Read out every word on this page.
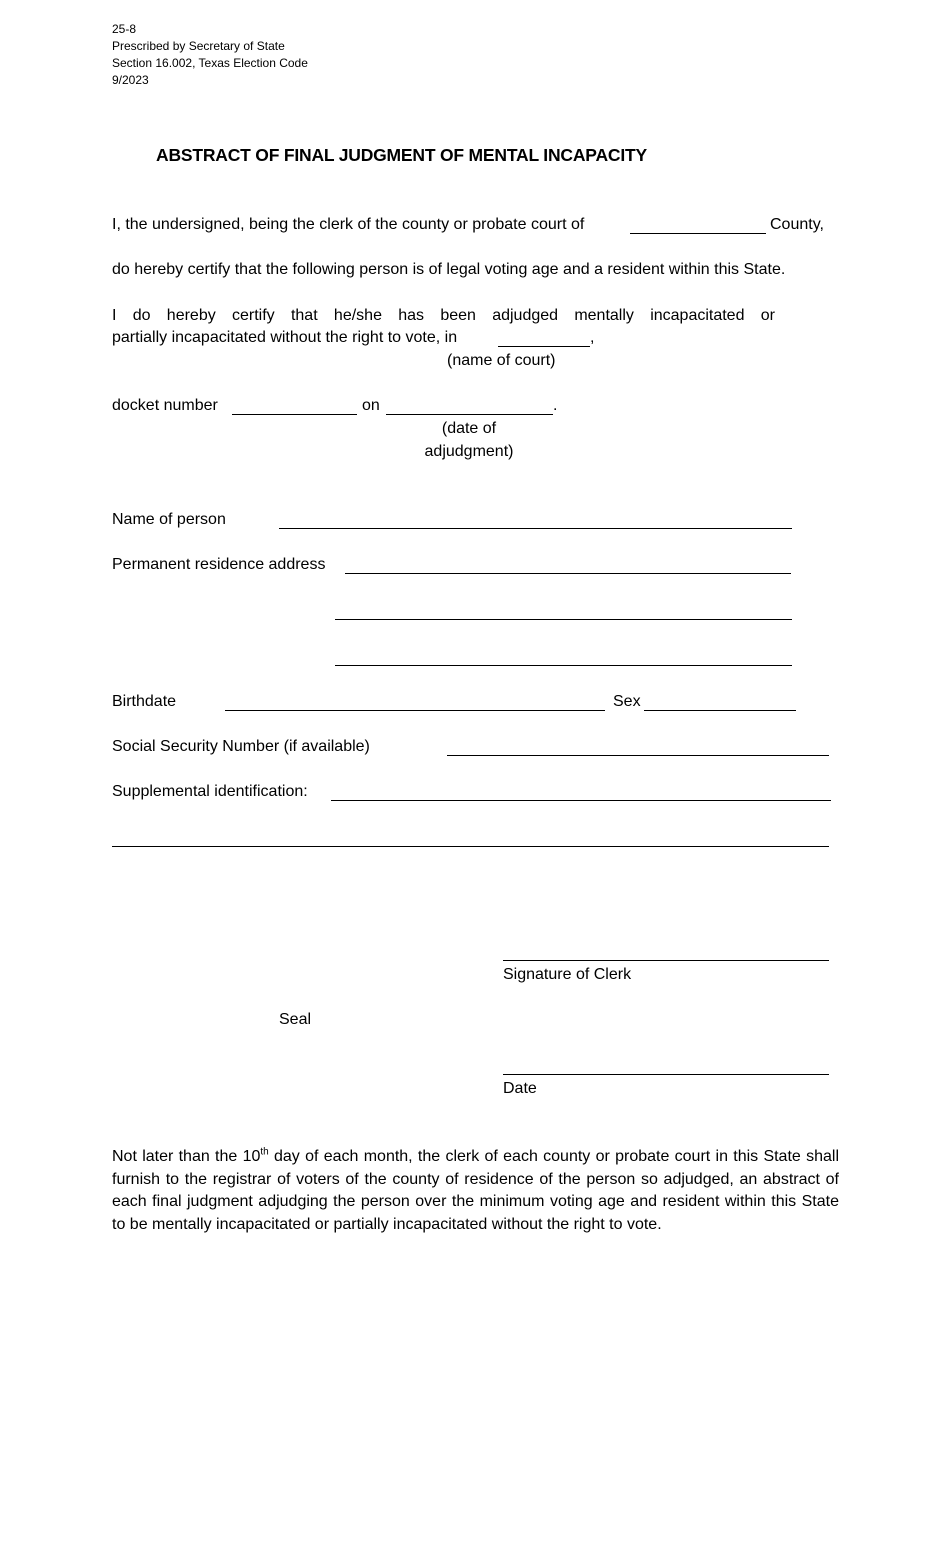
25-8
Prescribed by Secretary of State
Section 16.002, Texas Election Code
9/2023
ABSTRACT OF FINAL JUDGMENT OF MENTAL INCAPACITY
I, the undersigned, being the clerk of the county or probate court of	County,
do hereby certify that the following person is of legal voting age and a resident within this State.
I do hereby certify that he/she has been adjudged mentally incapacitated or
partially incapacitated without the right to vote, in	,
(name of court)
docket number	on	.
(date of
adjudgment)
Name of person
Permanent residence address
Birthdate	Sex
Social Security Number (if available)
Supplemental identification:
Signature of Clerk
Seal
Date
Not later than the 10th day of each month, the clerk of each county or probate court in this State shall furnish to the registrar of voters of the county of residence of the person so adjudged, an abstract of each final judgment adjudging the person over the minimum voting age and resident within this State to be mentally incapacitated or partially incapacitated without the right to vote.
